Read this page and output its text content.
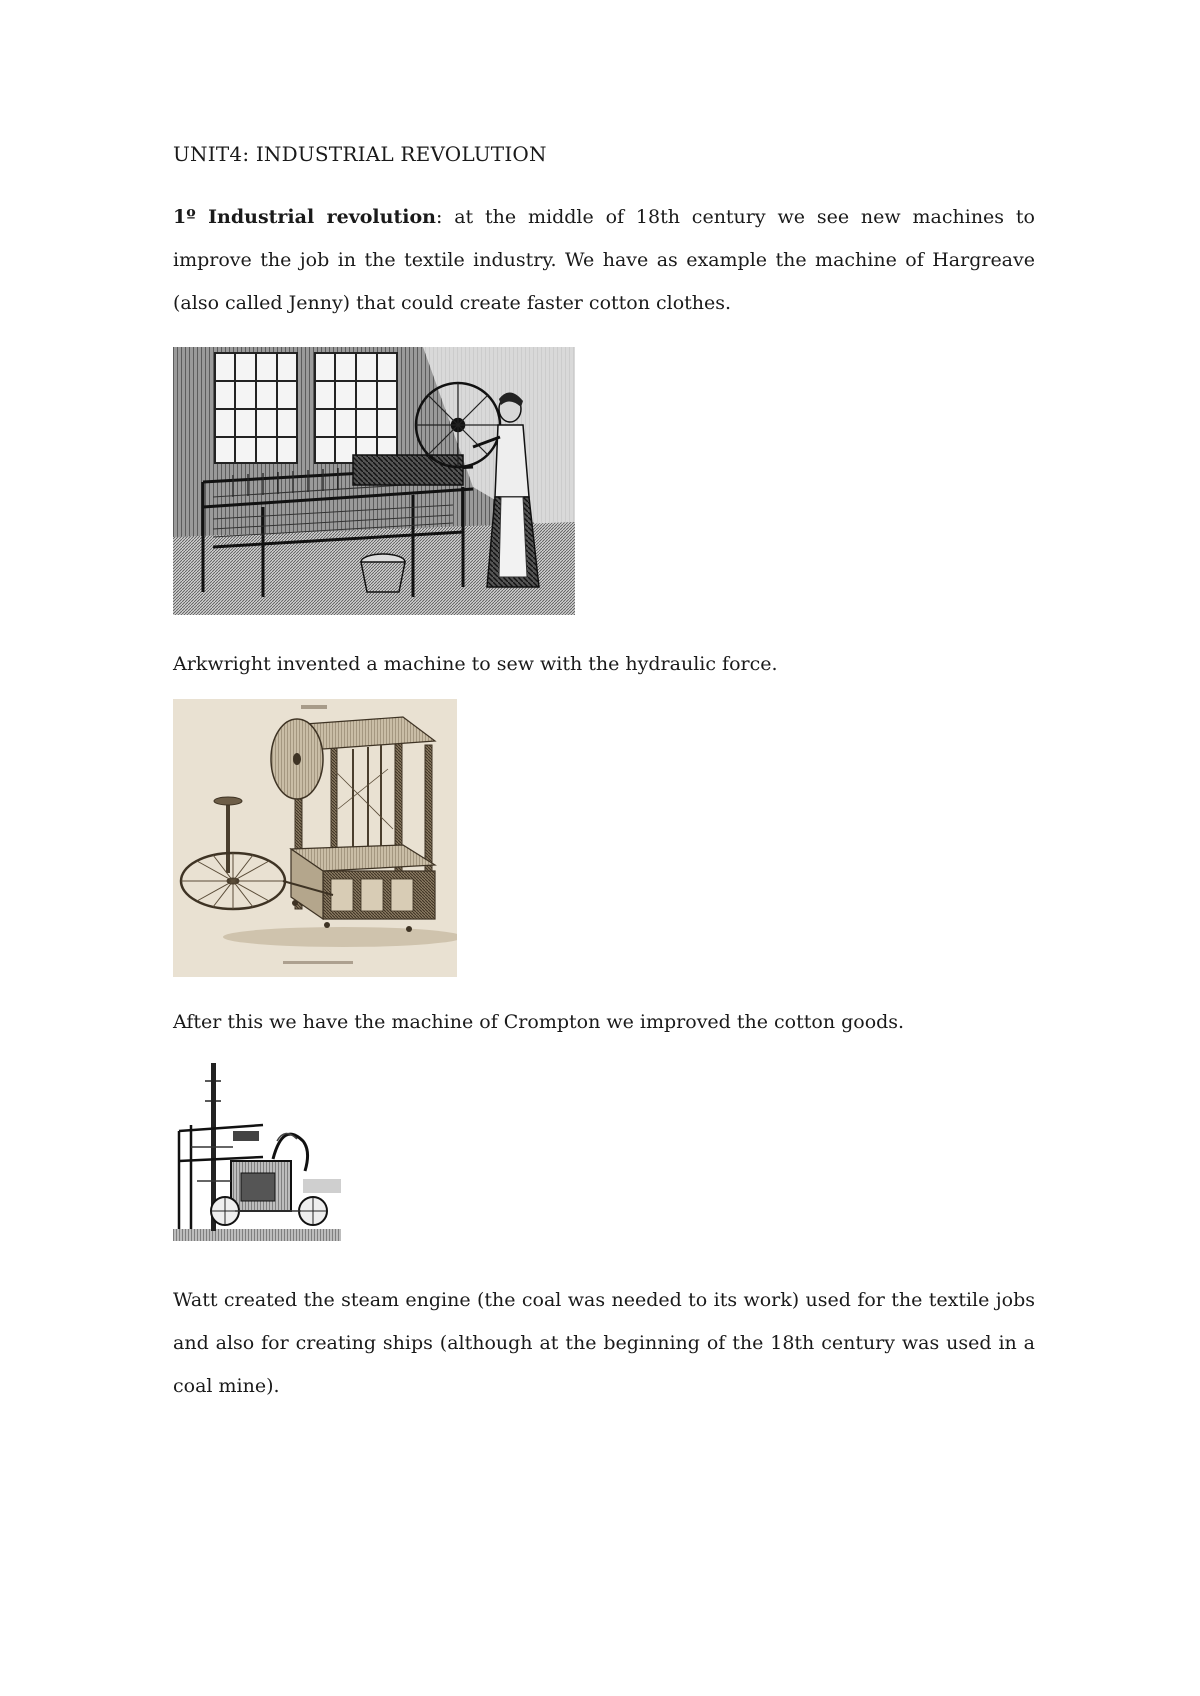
UNIT4: INDUSTRIAL REVOLUTION

1º Industrial revolution: at the middle of 18th century we see new machines to improve the job in the textile industry. We have as example the machine of Hargreave (also called Jenny) that could create faster cotton clothes.

Arkwright invented a machine to sew with the hydraulic force.

After this we have the machine of Crompton we improved the cotton goods.

Watt created the steam engine (the coal was needed to its work) used for the textile jobs and also for creating ships (although at the beginning of the 18th century was used in a coal mine).
